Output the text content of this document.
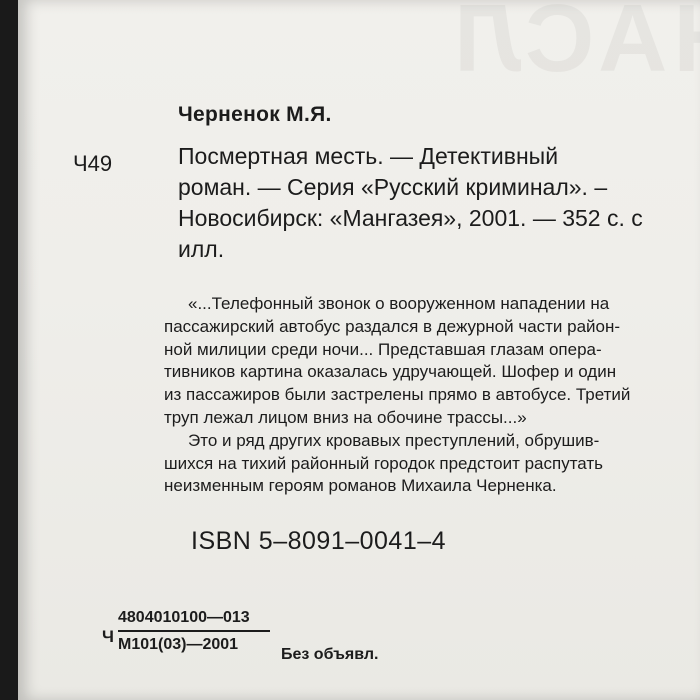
Черненок М.Я.
Ч49	Посмертная месть. — Детективный
роман. — Серия «Русский криминал». –
Новосибирск: «Мангазея», 2001. — 352 с. с
илл.
«...Телефонный звонок о вооруженном нападении на
пассажирский автобус раздался в дежурной части район-
ной милиции среди ночи... Представшая глазам опера-
тивников картина оказалась удручающей. Шофер и один
из пассажиров были застрелены прямо в автобусе. Третий
труп лежал лицом вниз на обочине трассы...»
Это и ряд других кровавых преступлений, обрушив-
шихся на тихий районный городок предстоит распутать
неизменным героям романов Михаила Черненка.
ISBN 5–8091–0041–4
Ч
4804010100—013
М101(03)—2001
Без объявл.
